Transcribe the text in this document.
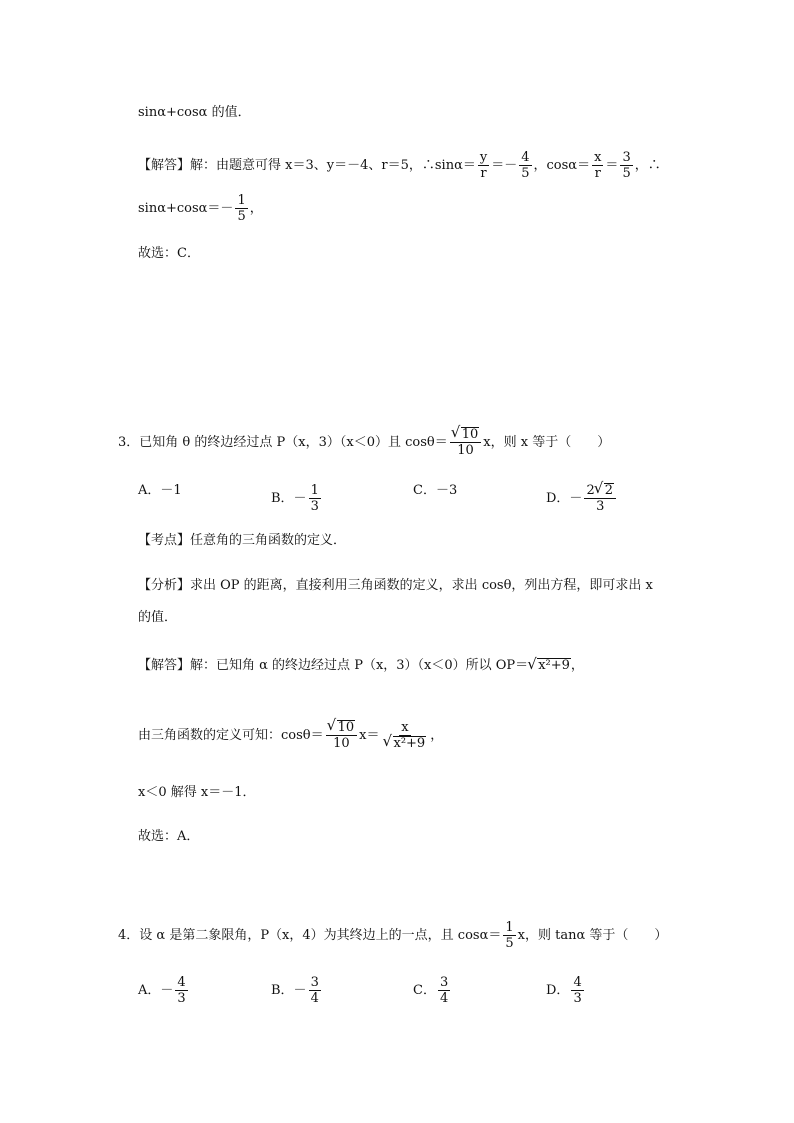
sinα+cosα 的值．
【解答】解：由题意可得 x＝3、y＝－4、r＝5，∴sinα＝ $\frac{y}{r} =- \frac{4}{5}$ ，$\cos\alpha= \frac{x}{r} = \frac{3}{5}$ ，∴
$\sin\alpha+\cos\alpha=- \frac{1}{5}$ ，
故选：C．
3．已知角 θ 的终边经过点 P（x，3）（x＜0）且 cosθ＝ √ $\frac{10}{10}$ x，则 x 等于（　　）
A．－1
B．－ $\frac{1}{3}$	C．－3
D．－ $\frac{2 √ 2}{3}$
【考点】任意角的三角函数的定义．
【分析】求出 OP 的距离，直接利用三角函数的定义，求出 cosθ，列出方程，即可求出 x
的值．
【解答】解：已知角 α 的终边经过点 P（x，3）（x＜0）所以 OP＝ √ x²+9，
由三角函数的定义可知：cosθ＝ √ $\frac{10}{10} x= x$
√ x²+9 ，
x＜0 解得 x＝－1．
故选：A．
4．设 α 是第二象限角，P（x，4）为其终边上的一点，且 $\cos\alpha= \frac{1}{5}$ x，则 tanα 等于（　　）
A．－ $\frac{4}{3}$	B．－ $\frac{3}{4}$	C． $\frac{3}{4}$	D． $\frac{4}{3}$
